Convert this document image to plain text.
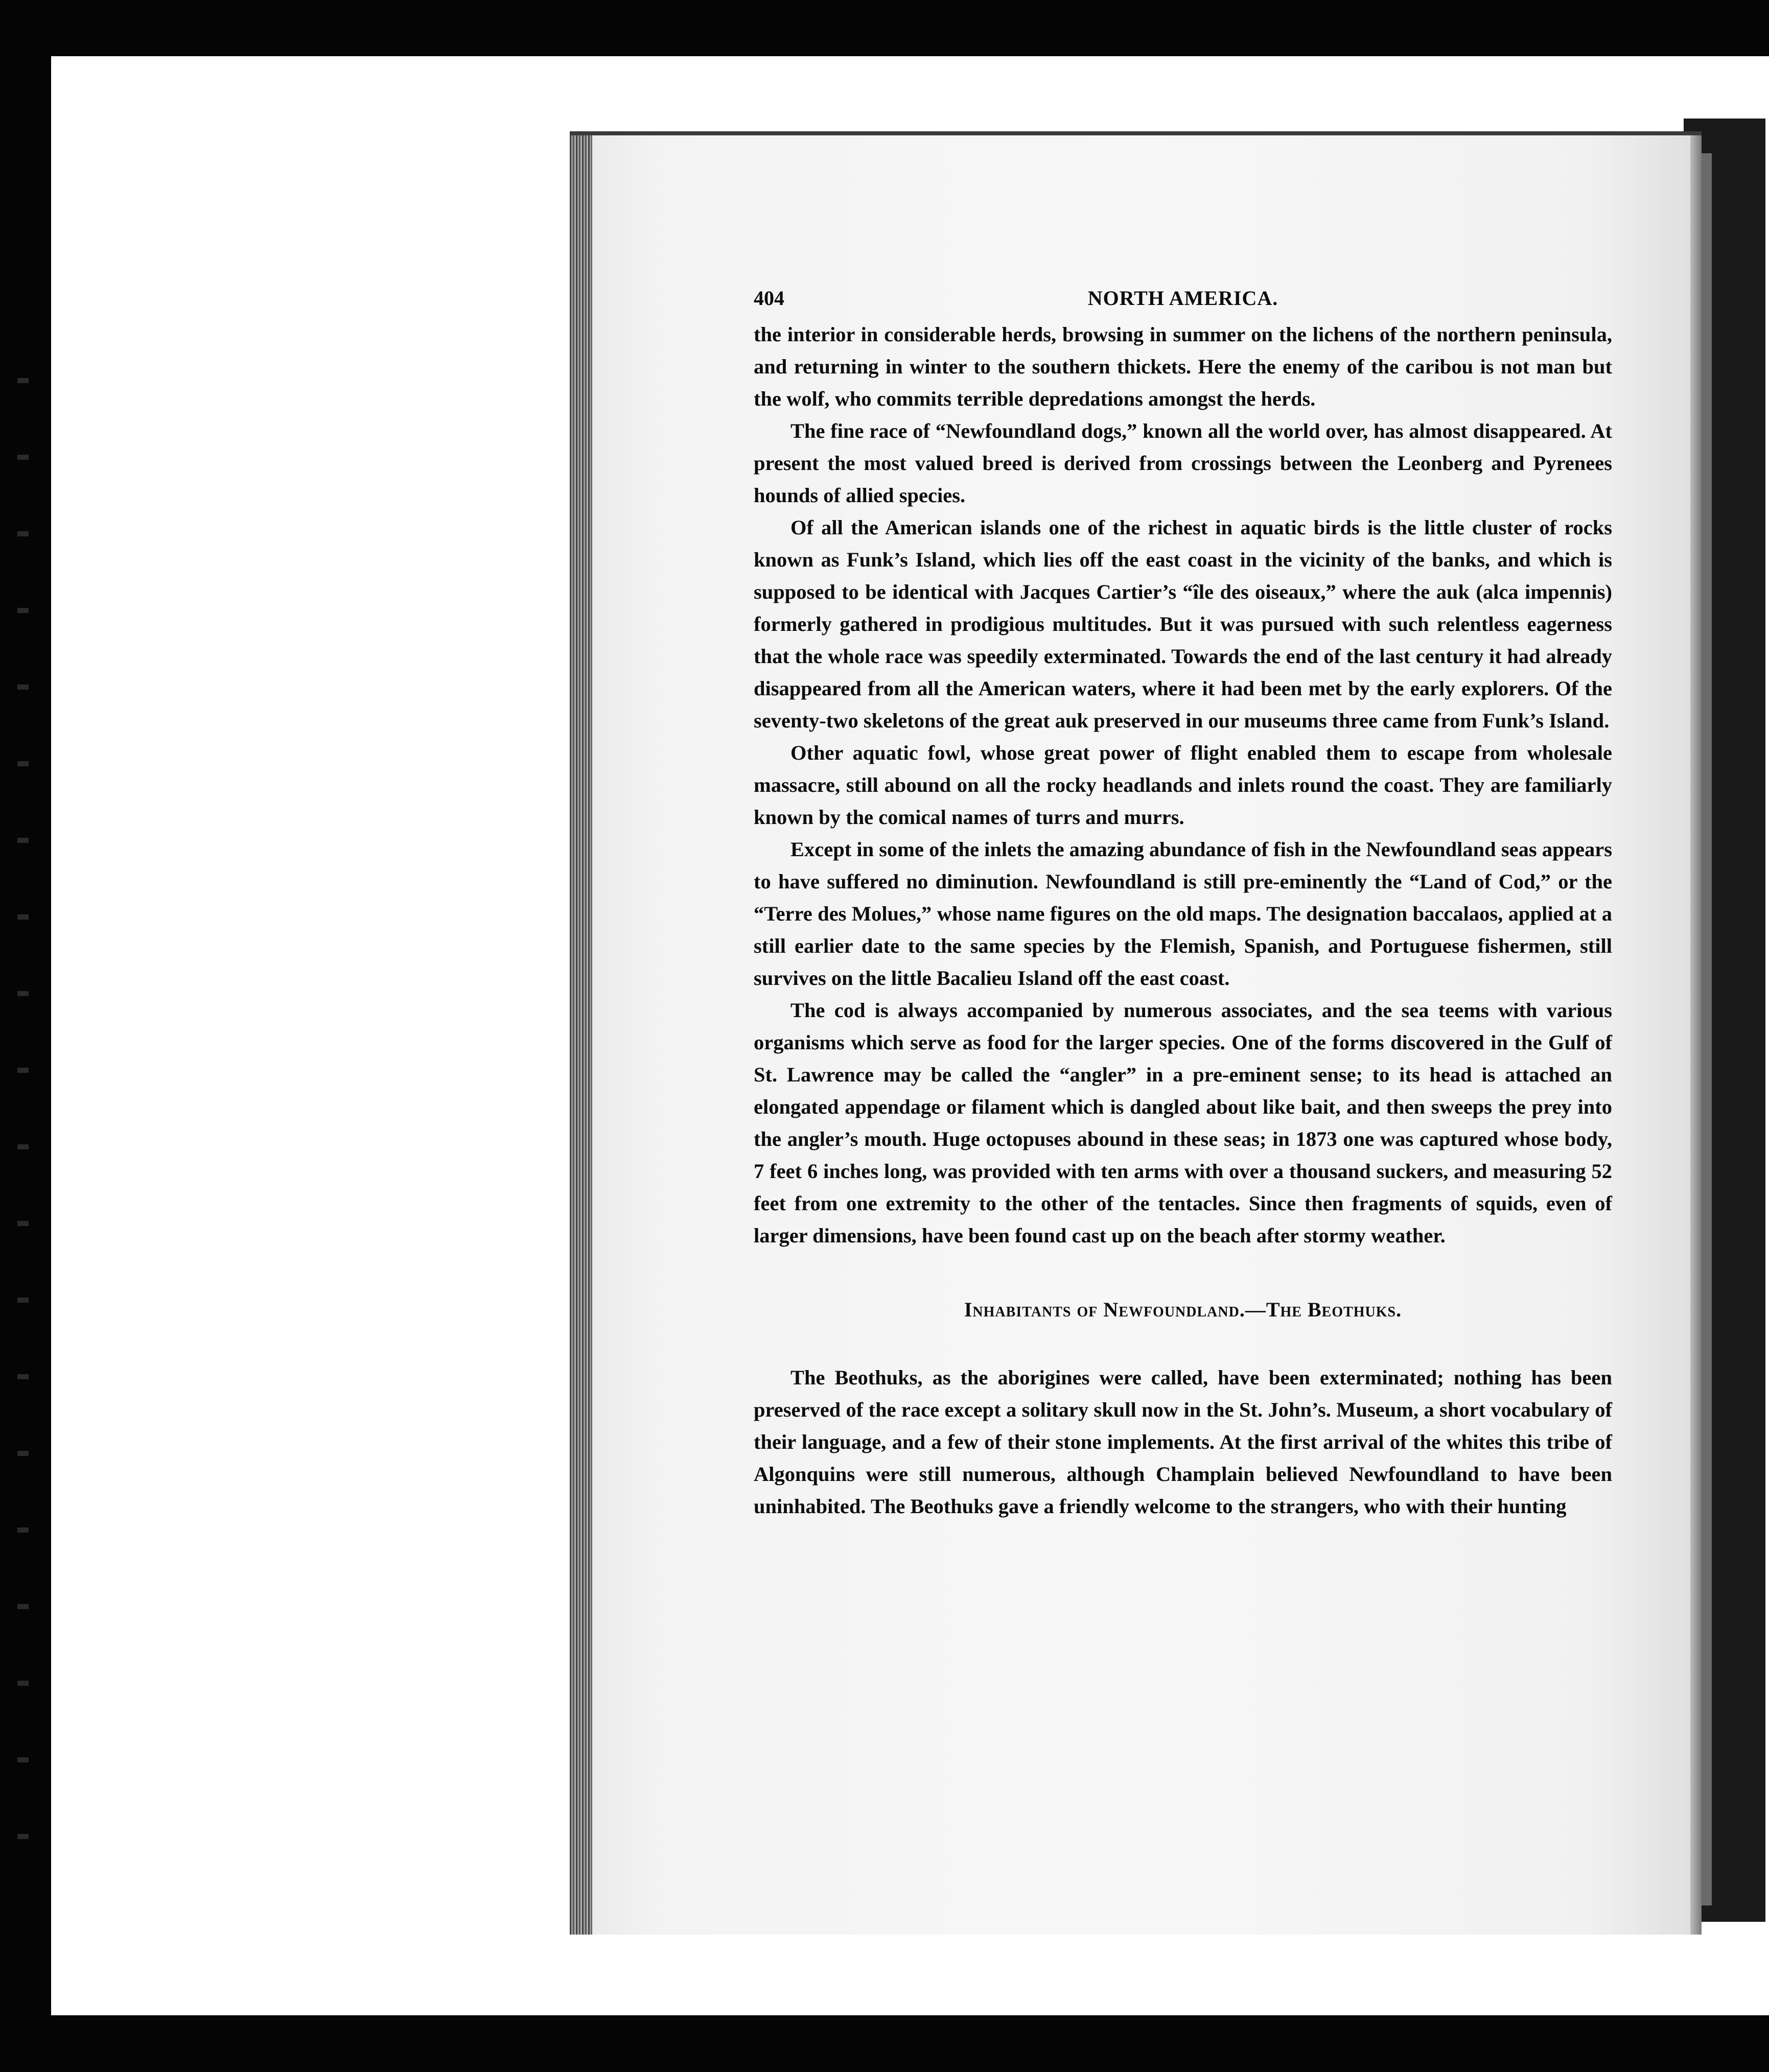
404	NORTH AMERICA.

the interior in considerable herds, browsing in summer on the lichens of the northern peninsula, and returning in winter to the southern thickets. Here the enemy of the caribou is not man but the wolf, who commits terrible depredations amongst the herds.

The fine race of “Newfoundland dogs,” known all the world over, has almost disappeared. At present the most valued breed is derived from crossings between the Leonberg and Pyrenees hounds of allied species.

Of all the American islands one of the richest in aquatic birds is the little cluster of rocks known as Funk’s Island, which lies off the east coast in the vicinity of the banks, and which is supposed to be identical with Jacques Cartier’s “île des oiseaux,” where the auk (alca impennis) formerly gathered in prodigious multitudes. But it was pursued with such relentless eagerness that the whole race was speedily exterminated. Towards the end of the last century it had already disappeared from all the American waters, where it had been met by the early explorers. Of the seventy-two skeletons of the great auk preserved in our museums three came from Funk’s Island.

Other aquatic fowl, whose great power of flight enabled them to escape from wholesale massacre, still abound on all the rocky headlands and inlets round the coast. They are familiarly known by the comical names of turrs and murrs.

Except in some of the inlets the amazing abundance of fish in the Newfoundland seas appears to have suffered no diminution. Newfoundland is still pre-eminently the “Land of Cod,” or the “Terre des Molues,” whose name figures on the old maps. The designation baccalaos, applied at a still earlier date to the same species by the Flemish, Spanish, and Portuguese fishermen, still survives on the little Bacalieu Island off the east coast.

The cod is always accompanied by numerous associates, and the sea teems with various organisms which serve as food for the larger species. One of the forms discovered in the Gulf of St. Lawrence may be called the “angler” in a pre-eminent sense; to its head is attached an elongated appendage or filament which is dangled about like bait, and then sweeps the prey into the angler’s mouth. Huge octopuses abound in these seas; in 1873 one was captured whose body, 7 feet 6 inches long, was provided with ten arms with over a thousand suckers, and measuring 52 feet from one extremity to the other of the tentacles. Since then fragments of squids, even of larger dimensions, have been found cast up on the beach after stormy weather.

Inhabitants of Newfoundland.—The Beothuks.

The Beothuks, as the aborigines were called, have been exterminated; nothing has been preserved of the race except a solitary skull now in the St. John’s. Museum, a short vocabulary of their language, and a few of their stone implements. At the first arrival of the whites this tribe of Algonquins were still numerous, although Champlain believed Newfoundland to have been uninhabited. The Beothuks gave a friendly welcome to the strangers, who with their hunting
